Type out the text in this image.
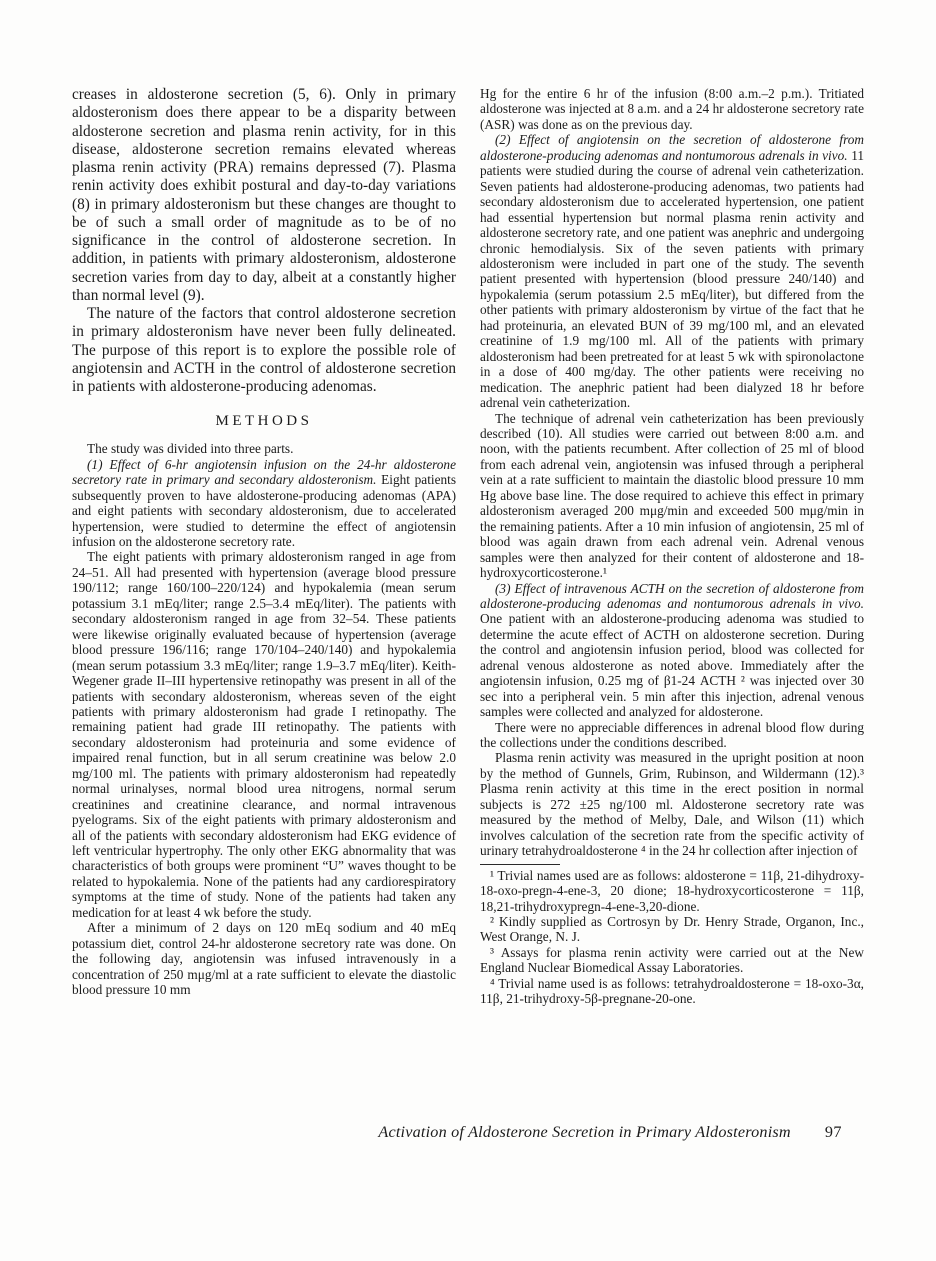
creases in aldosterone secretion (5, 6). Only in primary aldosteronism does there appear to be a disparity between aldosterone secretion and plasma renin activity, for in this disease, aldosterone secretion remains elevated whereas plasma renin activity (PRA) remains depressed (7). Plasma renin activity does exhibit postural and day-to-day variations (8) in primary aldosteronism but these changes are thought to be of such a small order of magnitude as to be of no significance in the control of aldosterone secretion. In addition, in patients with primary aldosteronism, aldosterone secretion varies from day to day, albeit at a constantly higher than normal level (9).

The nature of the factors that control aldosterone secretion in primary aldosteronism have never been fully delineated. The purpose of this report is to explore the possible role of angiotensin and ACTH in the control of aldosterone secretion in patients with aldosterone-producing adenomas.

METHODS

The study was divided into three parts.

(1) Effect of 6-hr angiotensin infusion on the 24-hr aldosterone secretory rate in primary and secondary aldosteronism. Eight patients subsequently proven to have aldosterone-producing adenomas (APA) and eight patients with secondary aldosteronism, due to accelerated hypertension, were studied to determine the effect of angiotensin infusion on the aldosterone secretory rate.

The eight patients with primary aldosteronism ranged in age from 24–51. All had presented with hypertension (average blood pressure 190/112; range 160/100–220/124) and hypokalemia (mean serum potassium 3.1 mEq/liter; range 2.5–3.4 mEq/liter). The patients with secondary aldosteronism ranged in age from 32–54. These patients were likewise originally evaluated because of hypertension (average blood pressure 196/116; range 170/104–240/140) and hypokalemia (mean serum potassium 3.3 mEq/liter; range 1.9–3.7 mEq/liter). Keith-Wegener grade II–III hypertensive retinopathy was present in all of the patients with secondary aldosteronism, whereas seven of the eight patients with primary aldosteronism had grade I retinopathy. The remaining patient had grade III retinopathy. The patients with secondary aldosteronism had proteinuria and some evidence of impaired renal function, but in all serum creatinine was below 2.0 mg/100 ml. The patients with primary aldosteronism had repeatedly normal urinalyses, normal blood urea nitrogens, normal serum creatinines and creatinine clearance, and normal intravenous pyelograms. Six of the eight patients with primary aldosteronism and all of the patients with secondary aldosteronism had EKG evidence of left ventricular hypertrophy. The only other EKG abnormality that was characteristics of both groups were prominent “U” waves thought to be related to hypokalemia. None of the patients had any cardiorespiratory symptoms at the time of study. None of the patients had taken any medication for at least 4 wk before the study.

After a minimum of 2 days on 120 mEq sodium and 40 mEq potassium diet, control 24-hr aldosterone secretory rate was done. On the following day, angiotensin was infused intravenously in a concentration of 250 mμg/ml at a rate sufficient to elevate the diastolic blood pressure 10 mm

Hg for the entire 6 hr of the infusion (8:00 a.m.–2 p.m.). Tritiated aldosterone was injected at 8 a.m. and a 24 hr aldosterone secretory rate (ASR) was done as on the previous day.

(2) Effect of angiotensin on the secretion of aldosterone from aldosterone-producing adenomas and nontumorous adrenals in vivo. 11 patients were studied during the course of adrenal vein catheterization. Seven patients had aldosterone-producing adenomas, two patients had secondary aldosteronism due to accelerated hypertension, one patient had essential hypertension but normal plasma renin activity and aldosterone secretory rate, and one patient was anephric and undergoing chronic hemodialysis. Six of the seven patients with primary aldosteronism were included in part one of the study. The seventh patient presented with hypertension (blood pressure 240/140) and hypokalemia (serum potassium 2.5 mEq/liter), but differed from the other patients with primary aldosteronism by virtue of the fact that he had proteinuria, an elevated BUN of 39 mg/100 ml, and an elevated creatinine of 1.9 mg/100 ml. All of the patients with primary aldosteronism had been pretreated for at least 5 wk with spironolactone in a dose of 400 mg/day. The other patients were receiving no medication. The anephric patient had been dialyzed 18 hr before adrenal vein catheterization.

The technique of adrenal vein catheterization has been previously described (10). All studies were carried out between 8:00 a.m. and noon, with the patients recumbent. After collection of 25 ml of blood from each adrenal vein, angiotensin was infused through a peripheral vein at a rate sufficient to maintain the diastolic blood pressure 10 mm Hg above base line. The dose required to achieve this effect in primary aldosteronism averaged 200 mμg/min and exceeded 500 mμg/min in the remaining patients. After a 10 min infusion of angiotensin, 25 ml of blood was again drawn from each adrenal vein. Adrenal venous samples were then analyzed for their content of aldosterone and 18-hydroxycorticosterone.¹

(3) Effect of intravenous ACTH on the secretion of aldosterone from aldosterone-producing adenomas and nontumorous adrenals in vivo. One patient with an aldosterone-producing adenoma was studied to determine the acute effect of ACTH on aldosterone secretion. During the control and angiotensin infusion period, blood was collected for adrenal venous aldosterone as noted above. Immediately after the angiotensin infusion, 0.25 mg of β1-24 ACTH ² was injected over 30 sec into a peripheral vein. 5 min after this injection, adrenal venous samples were collected and analyzed for aldosterone.

There were no appreciable differences in adrenal blood flow during the collections under the conditions described.

Plasma renin activity was measured in the upright position at noon by the method of Gunnels, Grim, Rubinson, and Wildermann (12).³ Plasma renin activity at this time in the erect position in normal subjects is 272 ±25 ng/100 ml. Aldosterone secretory rate was measured by the method of Melby, Dale, and Wilson (11) which involves calculation of the secretion rate from the specific activity of urinary tetrahydroaldosterone ⁴ in the 24 hr collection after injection of

¹ Trivial names used are as follows: aldosterone = 11β, 21-dihydroxy-18-oxo-pregn-4-ene-3, 20 dione; 18-hydroxycorticosterone = 11β, 18,21-trihydroxypregn-4-ene-3,20-dione.

² Kindly supplied as Cortrosyn by Dr. Henry Strade, Organon, Inc., West Orange, N. J.

³ Assays for plasma renin activity were carried out at the New England Nuclear Biomedical Assay Laboratories.

⁴ Trivial name used is as follows: tetrahydroaldosterone = 18-oxo-3α, 11β, 21-trihydroxy-5β-pregnane-20-one.

Activation of Aldosterone Secretion in Primary Aldosteronism 97
